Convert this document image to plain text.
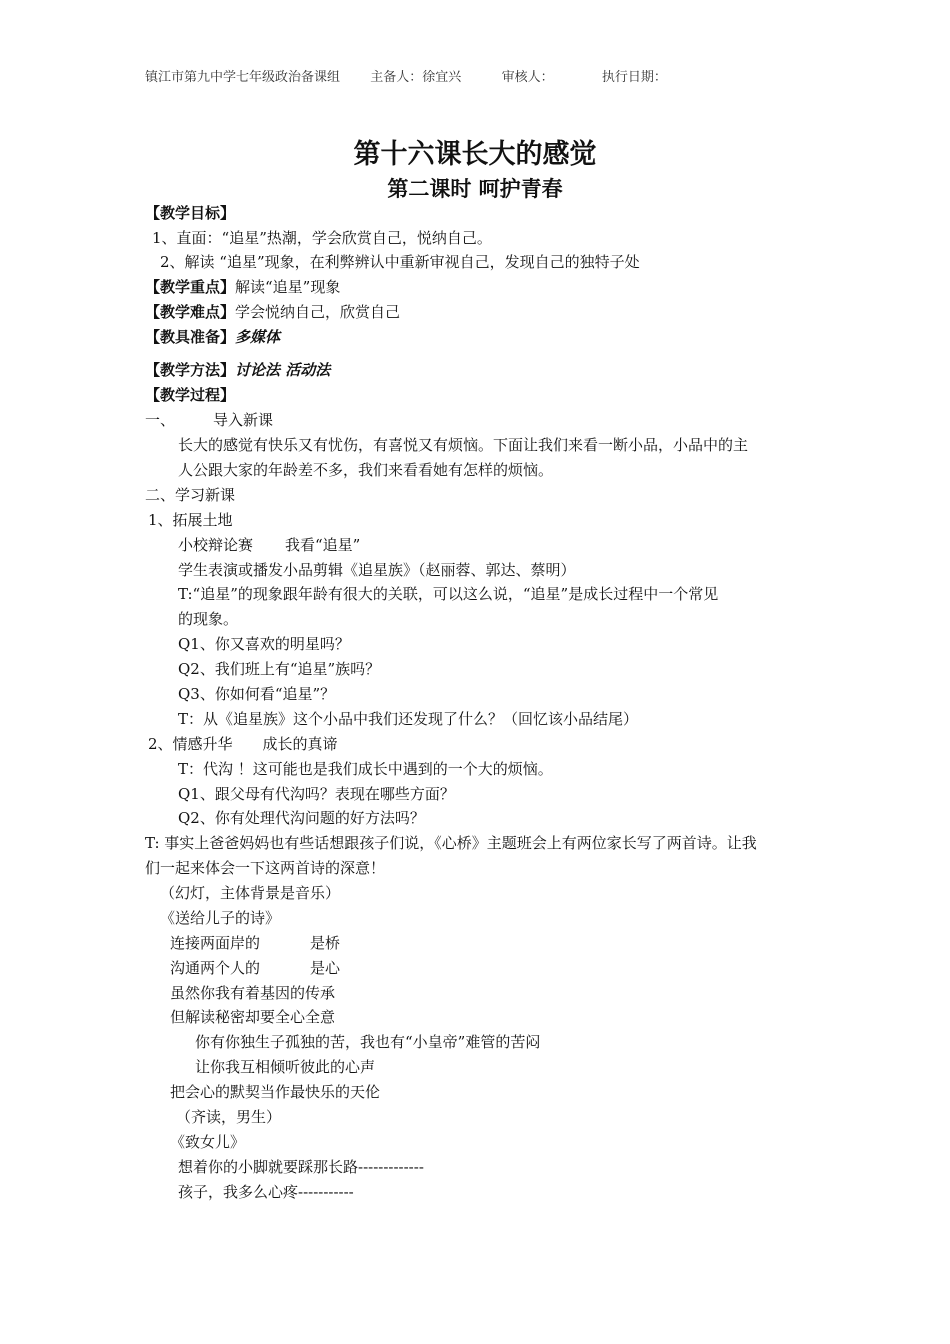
镇江市第九中学七年级政治备课组 主备人：徐宜兴	审核人：	执行日期：
第十六课长大的感觉
第二课时 呵护青春
【教学目标】
1、直面：“追星”热潮，学会欣赏自己，悦纳自己。
2、解读 “追星”现象，在利弊辨认中重新审视自己，发现自己的独特子处
【教学重点】解读“追星”现象
【教学难点】学会悦纳自己，欣赏自己
【教具准备】多媒体
【教学方法】讨论法 活动法
【教学过程】
一、	导入新课
长大的感觉有快乐又有忧伤，有喜悦又有烦恼。下面让我们来看一断小品，小品中的主
人公跟大家的年龄差不多，我们来看看她有怎样的烦恼。
二、学习新课
1、拓展土地
小校辩论赛 我看“追星”
学生表演或播发小品剪辑《追星族》（赵丽蓉、郭达、蔡明）
T:“追星”的现象跟年龄有很大的关联，可以这么说，“追星”是成长过程中一个常见
的现象。
Q1、你又喜欢的明星吗？
Q2、我们班上有“追星”族吗？
Q3、你如何看“追星”？
T：从《追星族》这个小品中我们还发现了什么？（回忆该小品结尾）
2、情感升华 成长的真谛
T：代沟 ！这可能也是我们成长中遇到的一个大的烦恼。
Q1、跟父母有代沟吗？表现在哪些方面？
Q2、你有处理代沟问题的好方法吗？
T: 事实上爸爸妈妈也有些话想跟孩子们说，《心桥》主题班会上有两位家长写了两首诗。让我
们一起来体会一下这两首诗的深意！
（幻灯，主体背景是音乐）
《送给儿子的诗》
连接两面岸的	是桥
沟通两个人的	是心
虽然你我有着基因的传承
但解读秘密却要全心全意
你有你独生子孤独的苦，我也有“小皇帝”难管的苦闷
让你我互相倾听彼此的心声
把会心的默契当作最快乐的天伦
（齐读，男生）
《致女儿》
想着你的小脚就要踩那长路-------------
孩子，我多么心疼-----------
